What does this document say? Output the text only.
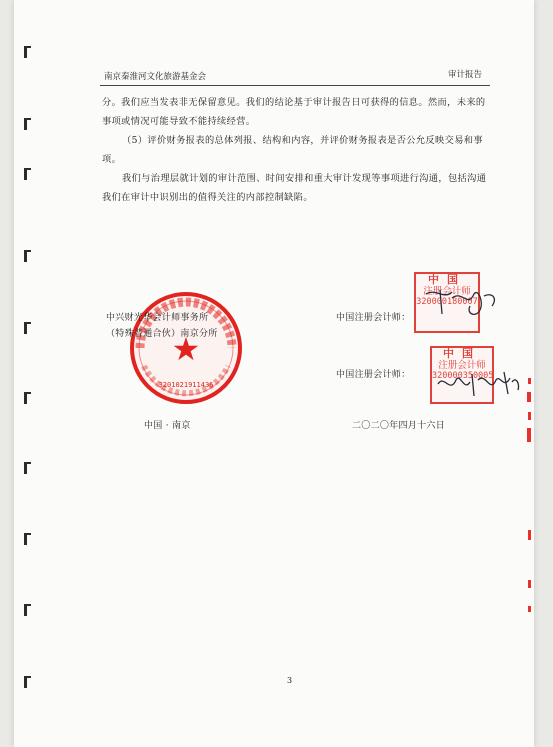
南京秦淮河文化旅游基金会	审计报告
分。我们应当发表非无保留意见。我们的结论基于审计报告日可获得的信息。然而，未来的事项或情况可能导致不能持续经营。
（5）评价财务报表的总体列报、结构和内容，并评价财务报表是否公允反映交易和事项。
我们与治理层就计划的审计范围、时间安排和重大审计发现等事项进行沟通，包括沟通我们在审计中识别出的值得关注的内部控制缺陷。
★
3201021911436
中兴财光华会计师事务所
（特殊普通合伙）南京分所
中国注册会计师：
中国注册会计师：
中国
注册会计师
320000180007
中国
注册会计师
320000350005
中国 · 南京	二〇二〇年四月十六日
3
